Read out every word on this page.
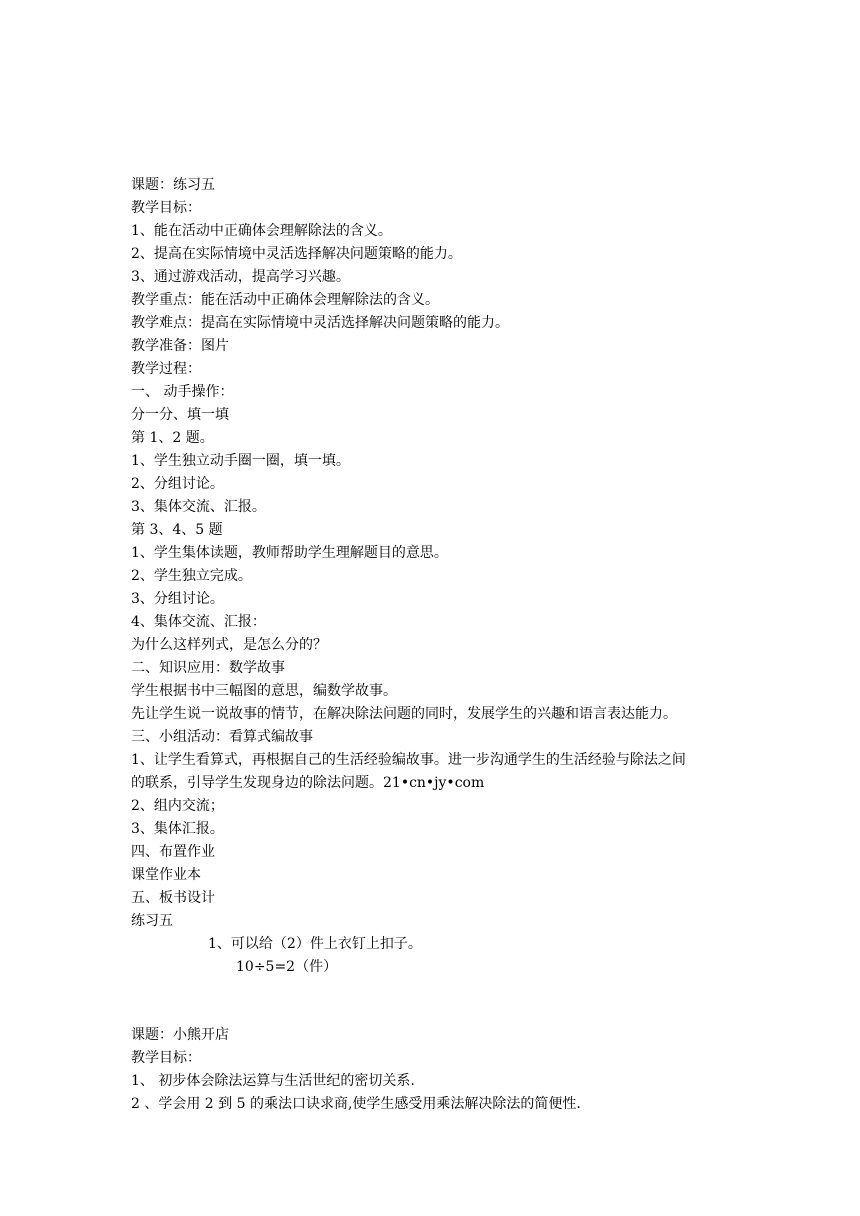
课题：练习五
教学目标：
1、能在活动中正确体会理解除法的含义。
2、提高在实际情境中灵活选择解决问题策略的能力。
3、通过游戏活动，提高学习兴趣。
教学重点：能在活动中正确体会理解除法的含义。
教学难点：提高在实际情境中灵活选择解决问题策略的能力。
教学准备：图片
教学过程：
一、 动手操作：
分一分、填一填
第 1、2 题。
1、学生独立动手圈一圈，填一填。
2、分组讨论。
3、集体交流、汇报。
第 3、4、5 题
1、学生集体读题，教师帮助学生理解题目的意思。
2、学生独立完成。
3、分组讨论。
4、集体交流、汇报：
为什么这样列式，是怎么分的？
二、知识应用：数学故事
学生根据书中三幅图的意思，编数学故事。
先让学生说一说故事的情节，在解决除法问题的同时，发展学生的兴趣和语言表达能力。
三、小组活动：看算式编故事
1、让学生看算式，再根据自己的生活经验编故事。进一步沟通学生的生活经验与除法之间
的联系，引导学生发现身边的除法问题。21•cn•jy•com
2、组内交流；
3、集体汇报。
四、布置作业
课堂作业本
五、板书设计
练习五
1、可以给（2）件上衣钉上扣子。
10÷5=2（件）
课题：小熊开店
教学目标：
1、 初步体会除法运算与生活世纪的密切关系.
2 、学会用 2 到 5 的乘法口诀求商,使学生感受用乘法解决除法的简便性.
